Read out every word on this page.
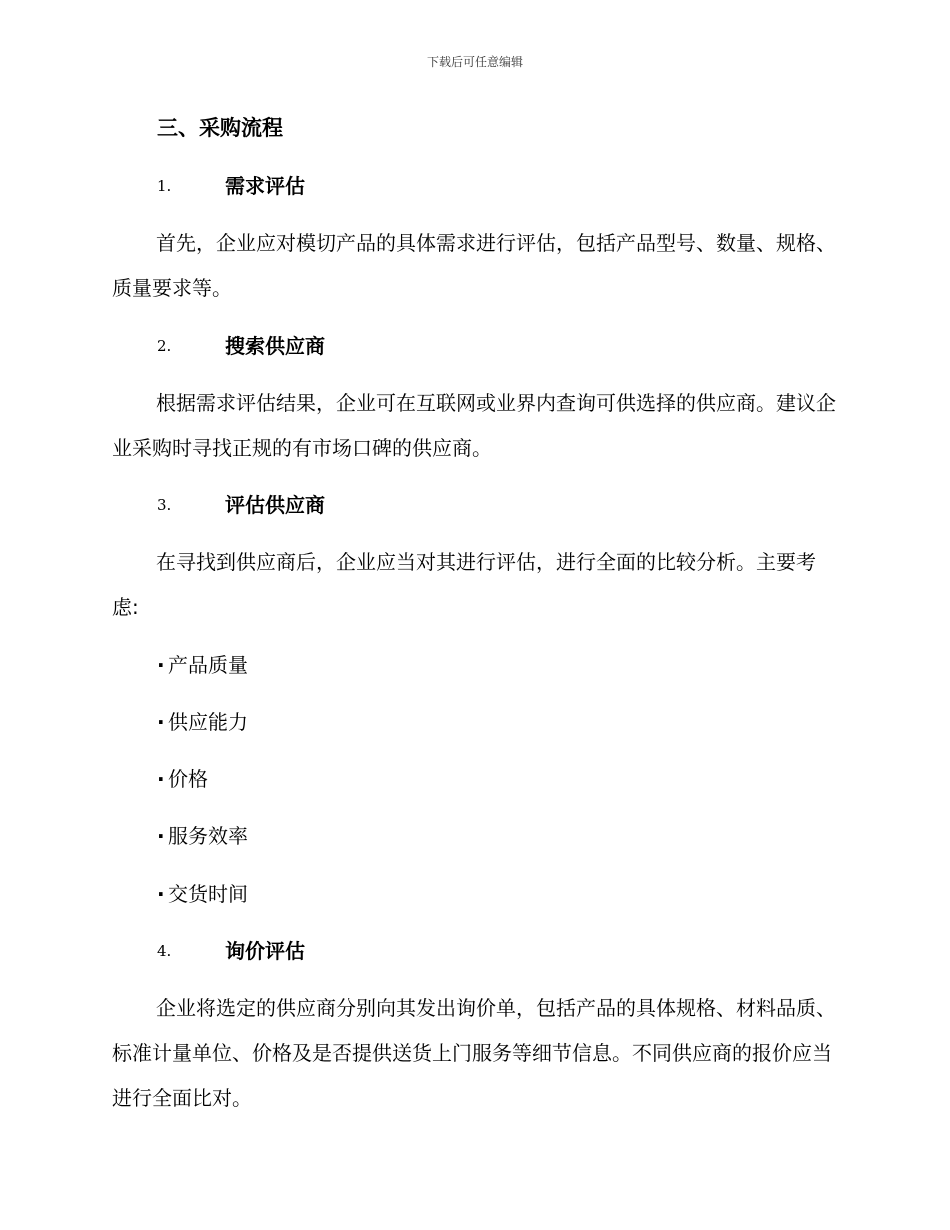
下载后可任意编辑
三、采购流程
1.	需求评估

首先，企业应对模切产品的具体需求进行评估，包括产品型号、数量、规格、质量要求等。

2.	搜索供应商

根据需求评估结果，企业可在互联网或业界内查询可供选择的供应商。建议企业采购时寻找正规的有市场口碑的供应商。

3.	评估供应商

在寻找到供应商后，企业应当对其进行评估，进行全面的比较分析。主要考虑:

· 产品质量
· 供应能力
· 价格
· 服务效率
· 交货时间
4.	询价评估

企业将选定的供应商分别向其发出询价单，包括产品的具体规格、材料品质、标准计量单位、价格及是否提供送货上门服务等细节信息。不同供应商的报价应当进行全面比对。
